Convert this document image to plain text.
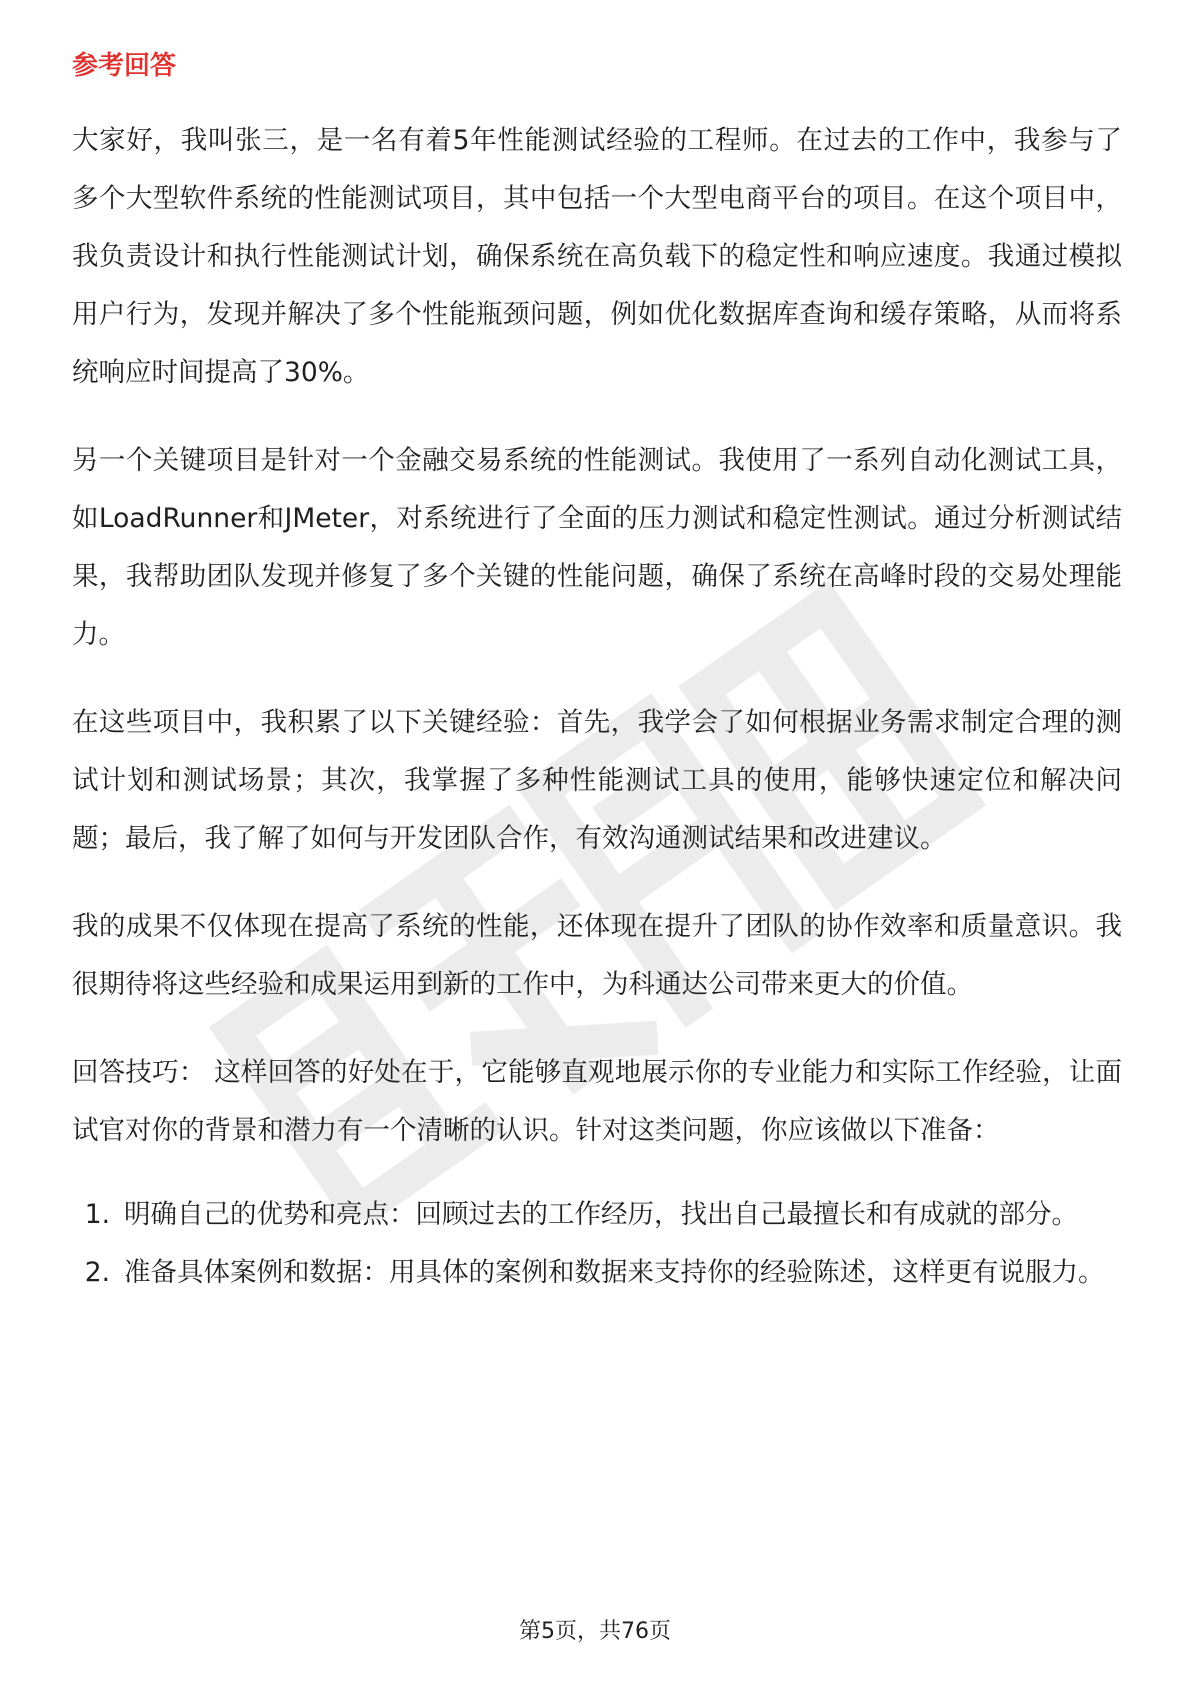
参考回答

大家好，我叫张三，是一名有着5年性能测试经验的工程师。在过去的工作中，我参与了多个大型软件系统的性能测试项目，其中包括一个大型电商平台的项目。在这个项目中，我负责设计和执行性能测试计划，确保系统在高负载下的稳定性和响应速度。我通过模拟用户行为，发现并解决了多个性能瓶颈问题，例如优化数据库查询和缓存策略，从而将系统响应时间提高了30%。

另一个关键项目是针对一个金融交易系统的性能测试。我使用了一系列自动化测试工具，如LoadRunner和JMeter，对系统进行了全面的压力测试和稳定性测试。通过分析测试结果，我帮助团队发现并修复了多个关键的性能问题，确保了系统在高峰时段的交易处理能力。

在这些项目中，我积累了以下关键经验：首先，我学会了如何根据业务需求制定合理的测试计划和测试场景；其次，我掌握了多种性能测试工具的使用，能够快速定位和解决问题；最后，我了解了如何与开发团队合作，有效沟通测试结果和改进建议。

我的成果不仅体现在提高了系统的性能，还体现在提升了团队的协作效率和质量意识。我很期待将这些经验和成果运用到新的工作中，为科通达公司带来更大的价值。

回答技巧： 这样回答的好处在于，它能够直观地展示你的专业能力和实际工作经验，让面试官对你的背景和潜力有一个清晰的认识。针对这类问题，你应该做以下准备：

1. 明确自己的优势和亮点：回顾过去的工作经历，找出自己最擅长和有成就的部分。
2. 准备具体案例和数据：用具体的案例和数据来支持你的经验陈述，这样更有说服力。
第5页，共76页
